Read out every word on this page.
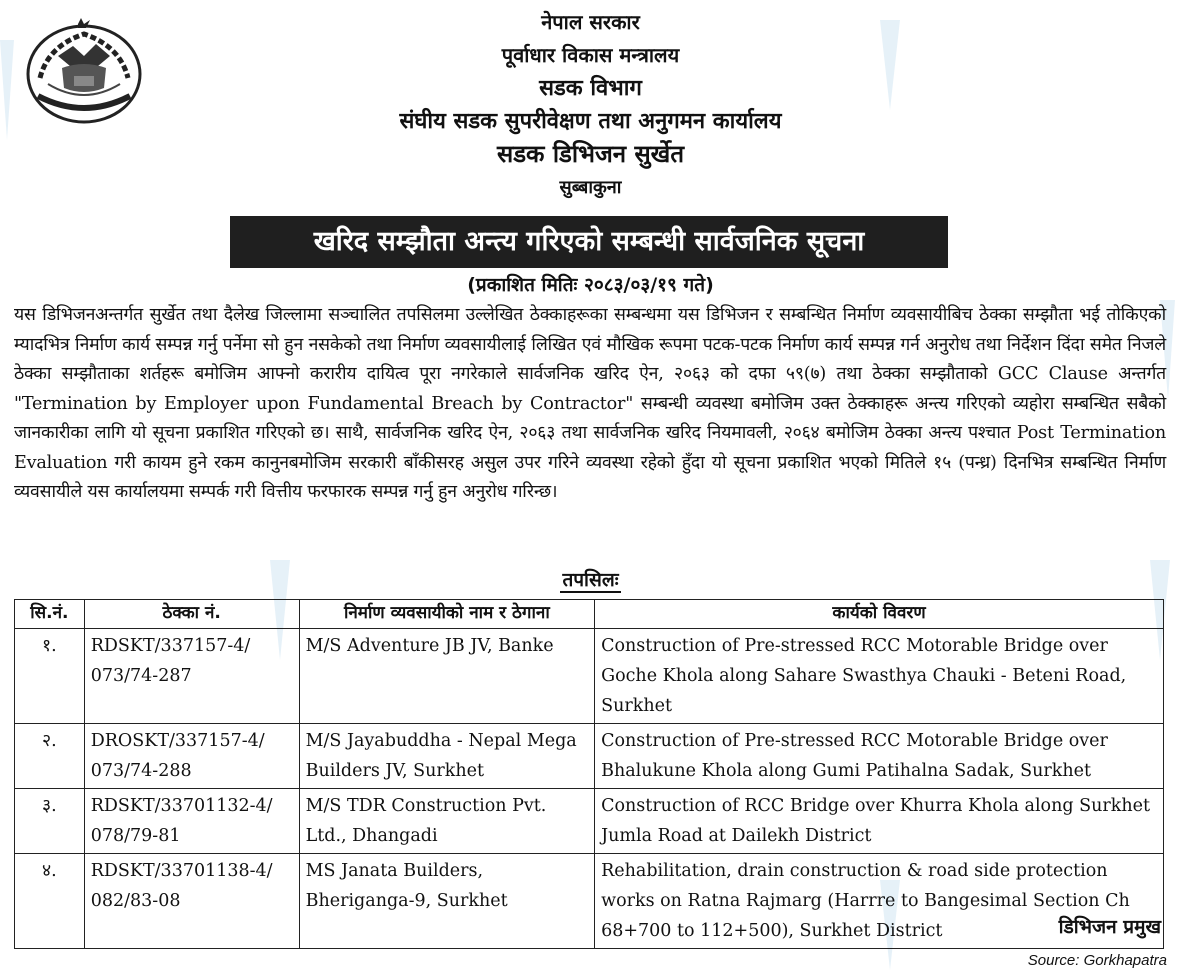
नेपाल सरकार
पूर्वाधार विकास मन्त्रालय
सडक विभाग
संघीय सडक सुपरीवेक्षण तथा अनुगमन कार्यालय
सडक डिभिजन सुर्खेत
सुब्बाकुना
खरिद सम्झौता अन्त्य गरिएको सम्बन्धी सार्वजनिक सूचना
(प्रकाशित मितिः २०८३/०३/१९ गते)
यस डिभिजनअन्तर्गत सुर्खेत तथा दैलेख जिल्लामा सञ्चालित तपसिलमा उल्लेखित ठेक्काहरूका सम्बन्धमा यस डिभिजन र सम्बन्धित निर्माण व्यवसायीबिच ठेक्का सम्झौता भई तोकिएको म्यादभित्र निर्माण कार्य सम्पन्न गर्नु पर्नेमा सो हुन नसकेको तथा निर्माण व्यवसायीलाई लिखित एवं मौखिक रूपमा पटक-पटक निर्माण कार्य सम्पन्न गर्न अनुरोध तथा निर्देशन दिंदा समेत निजले ठेक्का सम्झौताका शर्तहरू बमोजिम आफ्नो करारीय दायित्व पूरा नगरेकाले सार्वजनिक खरिद ऐन, २०६३ को दफा ५९(७) तथा ठेक्का सम्झौताको GCC Clause अन्तर्गत "Termination by Employer upon Fundamental Breach by Contractor" सम्बन्धी व्यवस्था बमोजिम उक्त ठेक्काहरू अन्त्य गरिएको व्यहोरा सम्बन्धित सबैको जानकारीका लागि यो सूचना प्रकाशित गरिएको छ। साथै, सार्वजनिक खरिद ऐन, २०६३ तथा सार्वजनिक खरिद नियमावली, २०६४ बमोजिम ठेक्का अन्त्य पश्चात Post Termination Evaluation गरी कायम हुने रकम कानुनबमोजिम सरकारी बाँकीसरह असुल उपर गरिने व्यवस्था रहेको हुँदा यो सूचना प्रकाशित भएको मितिले १५ (पन्ध्र) दिनभित्र सम्बन्धित निर्माण व्यवसायीले यस कार्यालयमा सम्पर्क गरी वित्तीय फरफारक सम्पन्न गर्नु हुन अनुरोध गरिन्छ।
तपसिलः
सि.नं.	ठेक्का नं.	निर्माण व्यवसायीको नाम र ठेगाना	कार्यको विवरण
१.	RDSKT/337157-4/ 073/74-287	M/S Adventure JB JV, Banke	Construction of Pre-stressed RCC Motorable Bridge over Goche Khola along Sahare Swasthya Chauki - Beteni Road, Surkhet
२.	DROSKT/337157-4/ 073/74-288	M/S Jayabuddha - Nepal Mega Builders JV, Surkhet	Construction of Pre-stressed RCC Motorable Bridge over Bhalukune Khola along Gumi Patihalna Sadak, Surkhet
३.	RDSKT/33701132-4/ 078/79-81	M/S TDR Construction Pvt. Ltd., Dhangadi	Construction of RCC Bridge over Khurra Khola along Surkhet Jumla Road at Dailekh District
४.	RDSKT/33701138-4/ 082/83-08	MS Janata Builders, Bheriganga-9, Surkhet	Rehabilitation, drain construction & road side protection works on Ratna Rajmarg (Harrre to Bangesimal Section Ch 68+700 to 112+500), Surkhet District	डिभिजन प्रमुख
Source: Gorkhapatra
